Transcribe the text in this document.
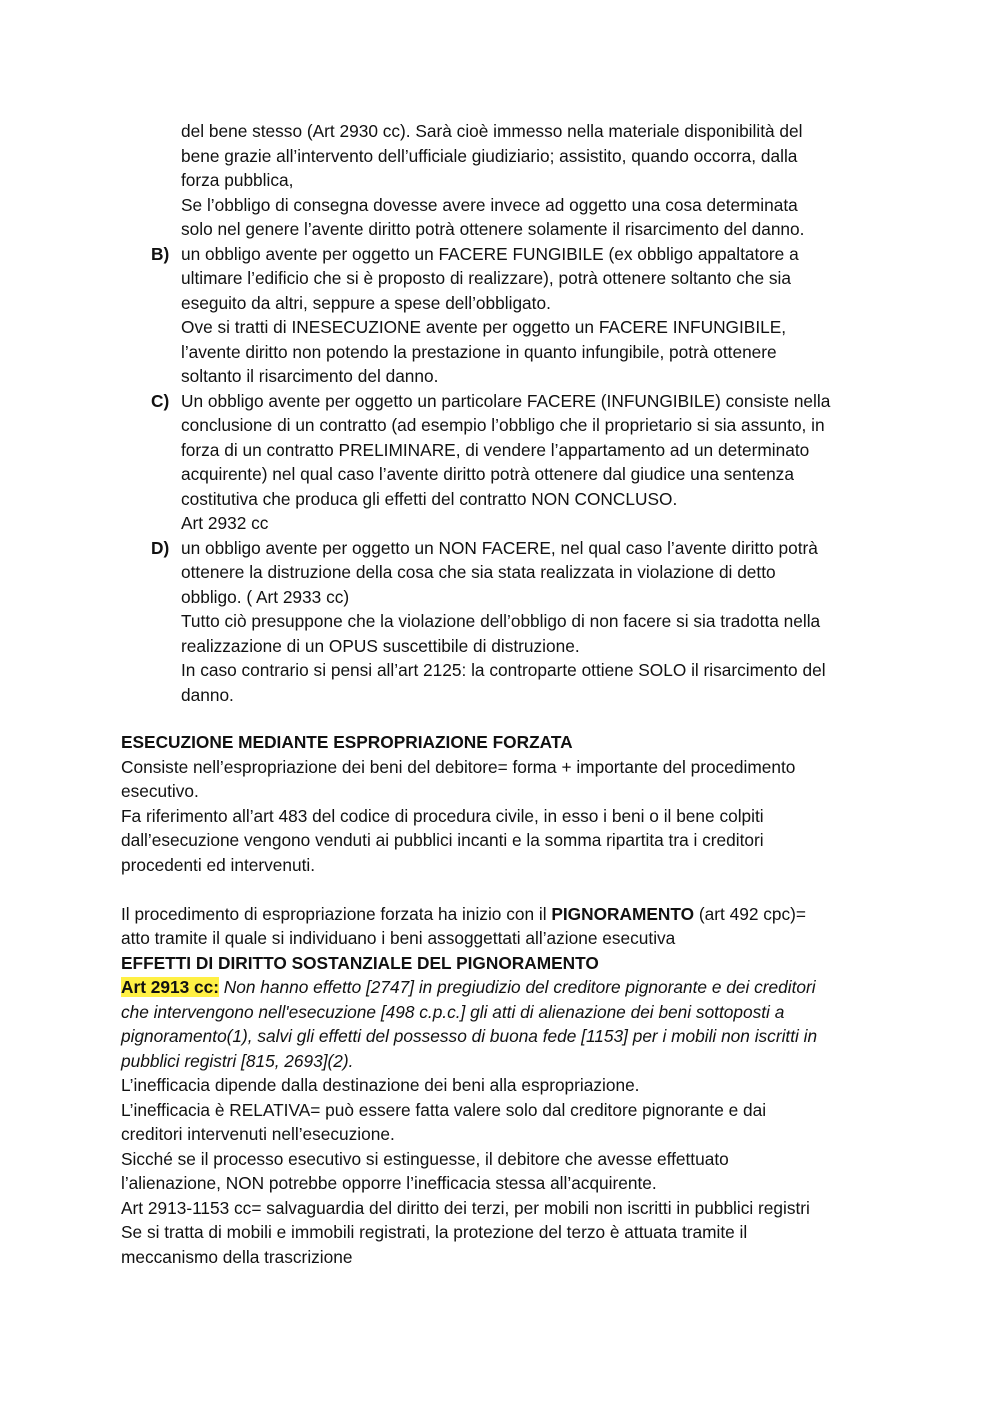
del bene stesso (Art 2930 cc). Sarà cioè immesso nella materiale disponibilità del

bene grazie all’intervento dell’ufficiale giudiziario; assistito, quando occorra, dalla

forza pubblica,

Se l’obbligo di consegna dovesse avere invece ad oggetto una cosa determinata

solo nel genere l’avente diritto potrà ottenere solamente il risarcimento del danno.

B) un obbligo avente per oggetto un FACERE FUNGIBILE (ex obbligo appaltatore a

ultimare l’edificio che si è proposto di realizzare), potrà ottenere soltanto che sia

eseguito da altri, seppure a spese dell’obbligato.

Ove si tratti di INESECUZIONE avente per oggetto un FACERE INFUNGIBILE,

l’avente diritto non potendo la prestazione in quanto infungibile, potrà ottenere

soltanto il risarcimento del danno.

C) Un obbligo avente per oggetto un particolare FACERE (INFUNGIBILE) consiste nella

conclusione di un contratto (ad esempio l’obbligo che il proprietario si sia assunto, in

forza di un contratto PRELIMINARE, di vendere l’appartamento ad un determinato

acquirente) nel qual caso l’avente diritto potrà ottenere dal giudice una sentenza

costitutiva che produca gli effetti del contratto NON CONCLUSO.

Art 2932 cc

D) un obbligo avente per oggetto un NON FACERE, nel qual caso l’avente diritto potrà

ottenere la distruzione della cosa che sia stata realizzata in violazione di detto

obbligo. ( Art 2933 cc)

Tutto ciò presuppone che la violazione dell’obbligo di non facere si sia tradotta nella

realizzazione di un OPUS suscettibile di distruzione.

In caso contrario si pensi all’art 2125: la controparte ottiene SOLO il risarcimento del

danno.

ESECUZIONE MEDIANTE ESPROPRIAZIONE FORZATA

Consiste nell’espropriazione dei beni del debitore= forma + importante del procedimento

esecutivo.

Fa riferimento all’art 483 del codice di procedura civile, in esso i beni o il bene colpiti

dall’esecuzione vengono venduti ai pubblici incanti e la somma ripartita tra i creditori

procedenti ed intervenuti.

Il procedimento di espropriazione forzata ha inizio con il PIGNORAMENTO (art 492 cpc)=

atto tramite il quale si individuano i beni assoggettati all’azione esecutiva

EFFETTI DI DIRITTO SOSTANZIALE DEL PIGNORAMENTO

Art 2913 cc: Non hanno effetto [2747] in pregiudizio del creditore pignorante e dei creditori

che intervengono nell'esecuzione [498 c.p.c.] gli atti di alienazione dei beni sottoposti a

pignoramento(1), salvi gli effetti del possesso di buona fede [1153] per i mobili non iscritti in

pubblici registri [815, 2693](2).

L’inefficacia dipende dalla destinazione dei beni alla espropriazione.

L’inefficacia è RELATIVA= può essere fatta valere solo dal creditore pignorante e dai

creditori intervenuti nell’esecuzione.

Sicché se il processo esecutivo si estinguesse, il debitore che avesse effettuato

l’alienazione, NON potrebbe opporre l’inefficacia stessa all’acquirente.

Art 2913-1153 cc= salvaguardia del diritto dei terzi, per mobili non iscritti in pubblici registri

Se si tratta di mobili e immobili registrati, la protezione del terzo è attuata tramite il

meccanismo della trascrizione
